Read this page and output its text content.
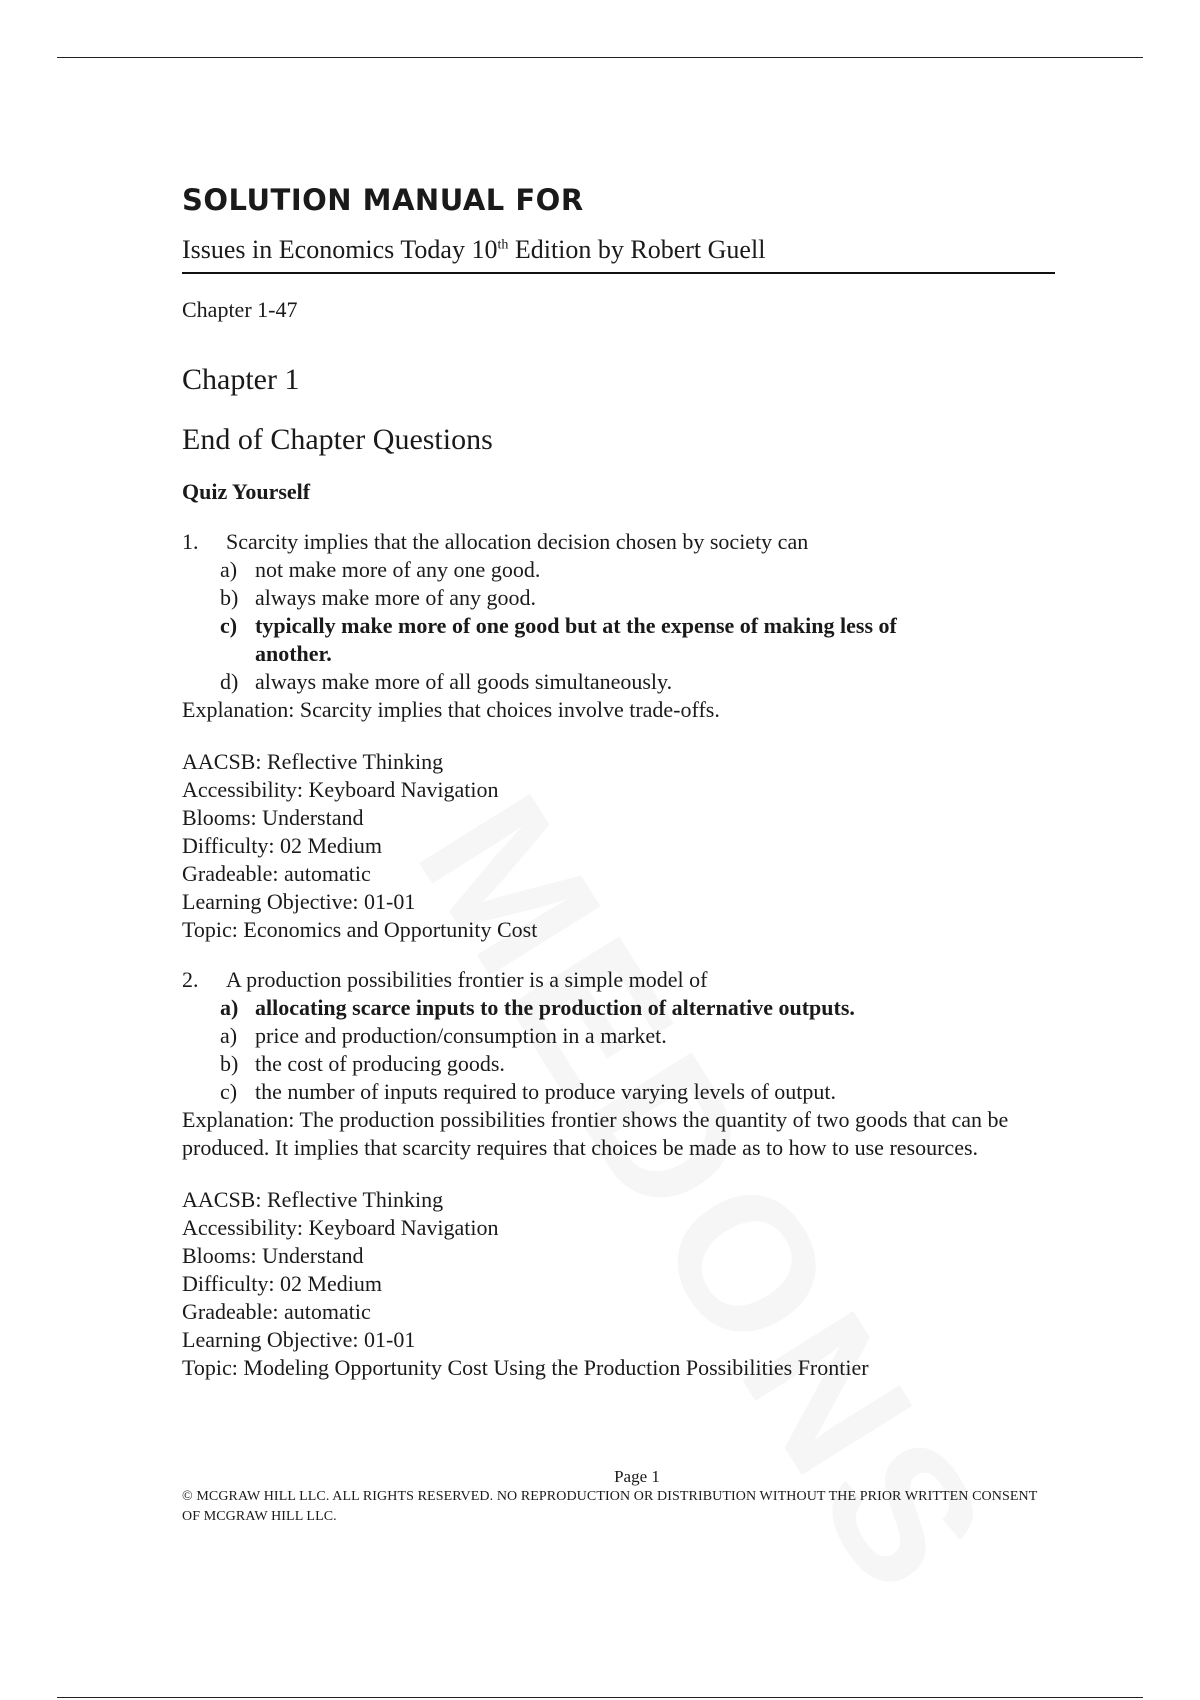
SOLUTION MANUAL FOR
Issues in Economics Today 10th Edition by Robert Guell
Chapter 1-47
Chapter 1
End of Chapter Questions
Quiz Yourself
1.	Scarcity implies that the allocation decision chosen by society can
a) not make more of any one good.
b) always make more of any good.
c) typically make more of one good but at the expense of making less of another.
d) always make more of all goods simultaneously.
Explanation: Scarcity implies that choices involve trade-offs.
AACSB: Reflective Thinking
Accessibility: Keyboard Navigation
Blooms: Understand
Difficulty: 02 Medium
Gradeable: automatic
Learning Objective: 01-01
Topic: Economics and Opportunity Cost
2.	A production possibilities frontier is a simple model of
a) allocating scarce inputs to the production of alternative outputs.
a) price and production/consumption in a market.
b) the cost of producing goods.
c) the number of inputs required to produce varying levels of output.
Explanation: The production possibilities frontier shows the quantity of two goods that can be produced. It implies that scarcity requires that choices be made as to how to use resources.
AACSB: Reflective Thinking
Accessibility: Keyboard Navigation
Blooms: Understand
Difficulty: 02 Medium
Gradeable: automatic
Learning Objective: 01-01
Topic: Modeling Opportunity Cost Using the Production Possibilities Frontier
Page 1
© MCGRAW HILL LLC. ALL RIGHTS RESERVED. NO REPRODUCTION OR DISTRIBUTION WITHOUT THE PRIOR WRITTEN CONSENT OF MCGRAW HILL LLC.
